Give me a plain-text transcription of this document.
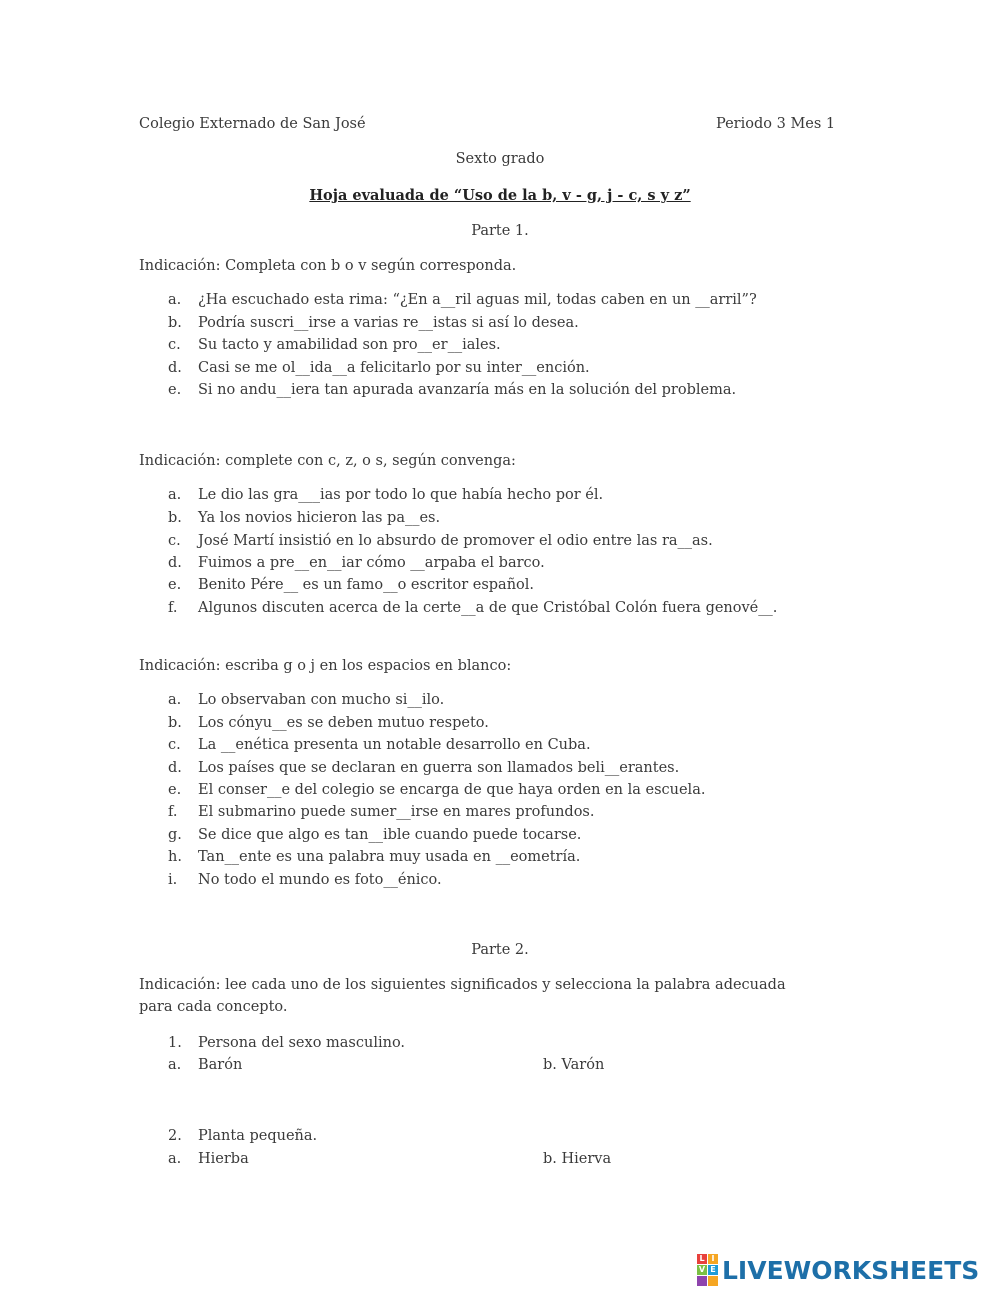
Colegio Externado de San José	Periodo 3 Mes 1
Sexto grado
Hoja evaluada de “Uso de la b, v - g, j - c, s y z”
Parte 1.
Indicación: Completa con b o v según corresponda.
a. ¿Ha escuchado esta rima: “¿En a__ril aguas mil, todas caben en un __arril”?
b. Podría suscri__irse a varias re__istas si así lo desea.
c. Su tacto y amabilidad son pro__er__iales.
d. Casi se me ol__ida__a felicitarlo por su inter__ención.
e. Si no andu__iera tan apurada avanzaría más en la solución del problema.
Indicación: complete con c, z, o s, según convenga:
a. Le dio las gra___ias por todo lo que había hecho por él.
b. Ya los novios hicieron las pa__es.
c. José Martí insistió en lo absurdo de promover el odio entre las ra__as.
d. Fuimos a pre__en__iar cómo __arpaba el barco.
e. Benito Pére__ es un famo__o escritor español.
f. Algunos discuten acerca de la certe__a de que Cristóbal Colón fuera genové__.
Indicación: escriba g o j en los espacios en blanco:
a. Lo observaban con mucho si__ilo.
b. Los cónyu__es se deben mutuo respeto.
c. La __enética presenta un notable desarrollo en Cuba.
d. Los países que se declaran en guerra son llamados beli__erantes.
e. El conser__e del colegio se encarga de que haya orden en la escuela.
f. El submarino puede sumer__irse en mares profundos.
g. Se dice que algo es tan__ible cuando puede tocarse.
h. Tan__ente es una palabra muy usada en __eometría.
i. No todo el mundo es foto__énico.
Parte 2.
Indicación: lee cada uno de los siguientes significados y selecciona la palabra adecuada
para cada concepto.
1. Persona del sexo masculino.
a. Barón	b. Varón
2. Planta pequeña.
a. Hierba	b. Hierva
L I
V E LIVEWORKSHEETS
